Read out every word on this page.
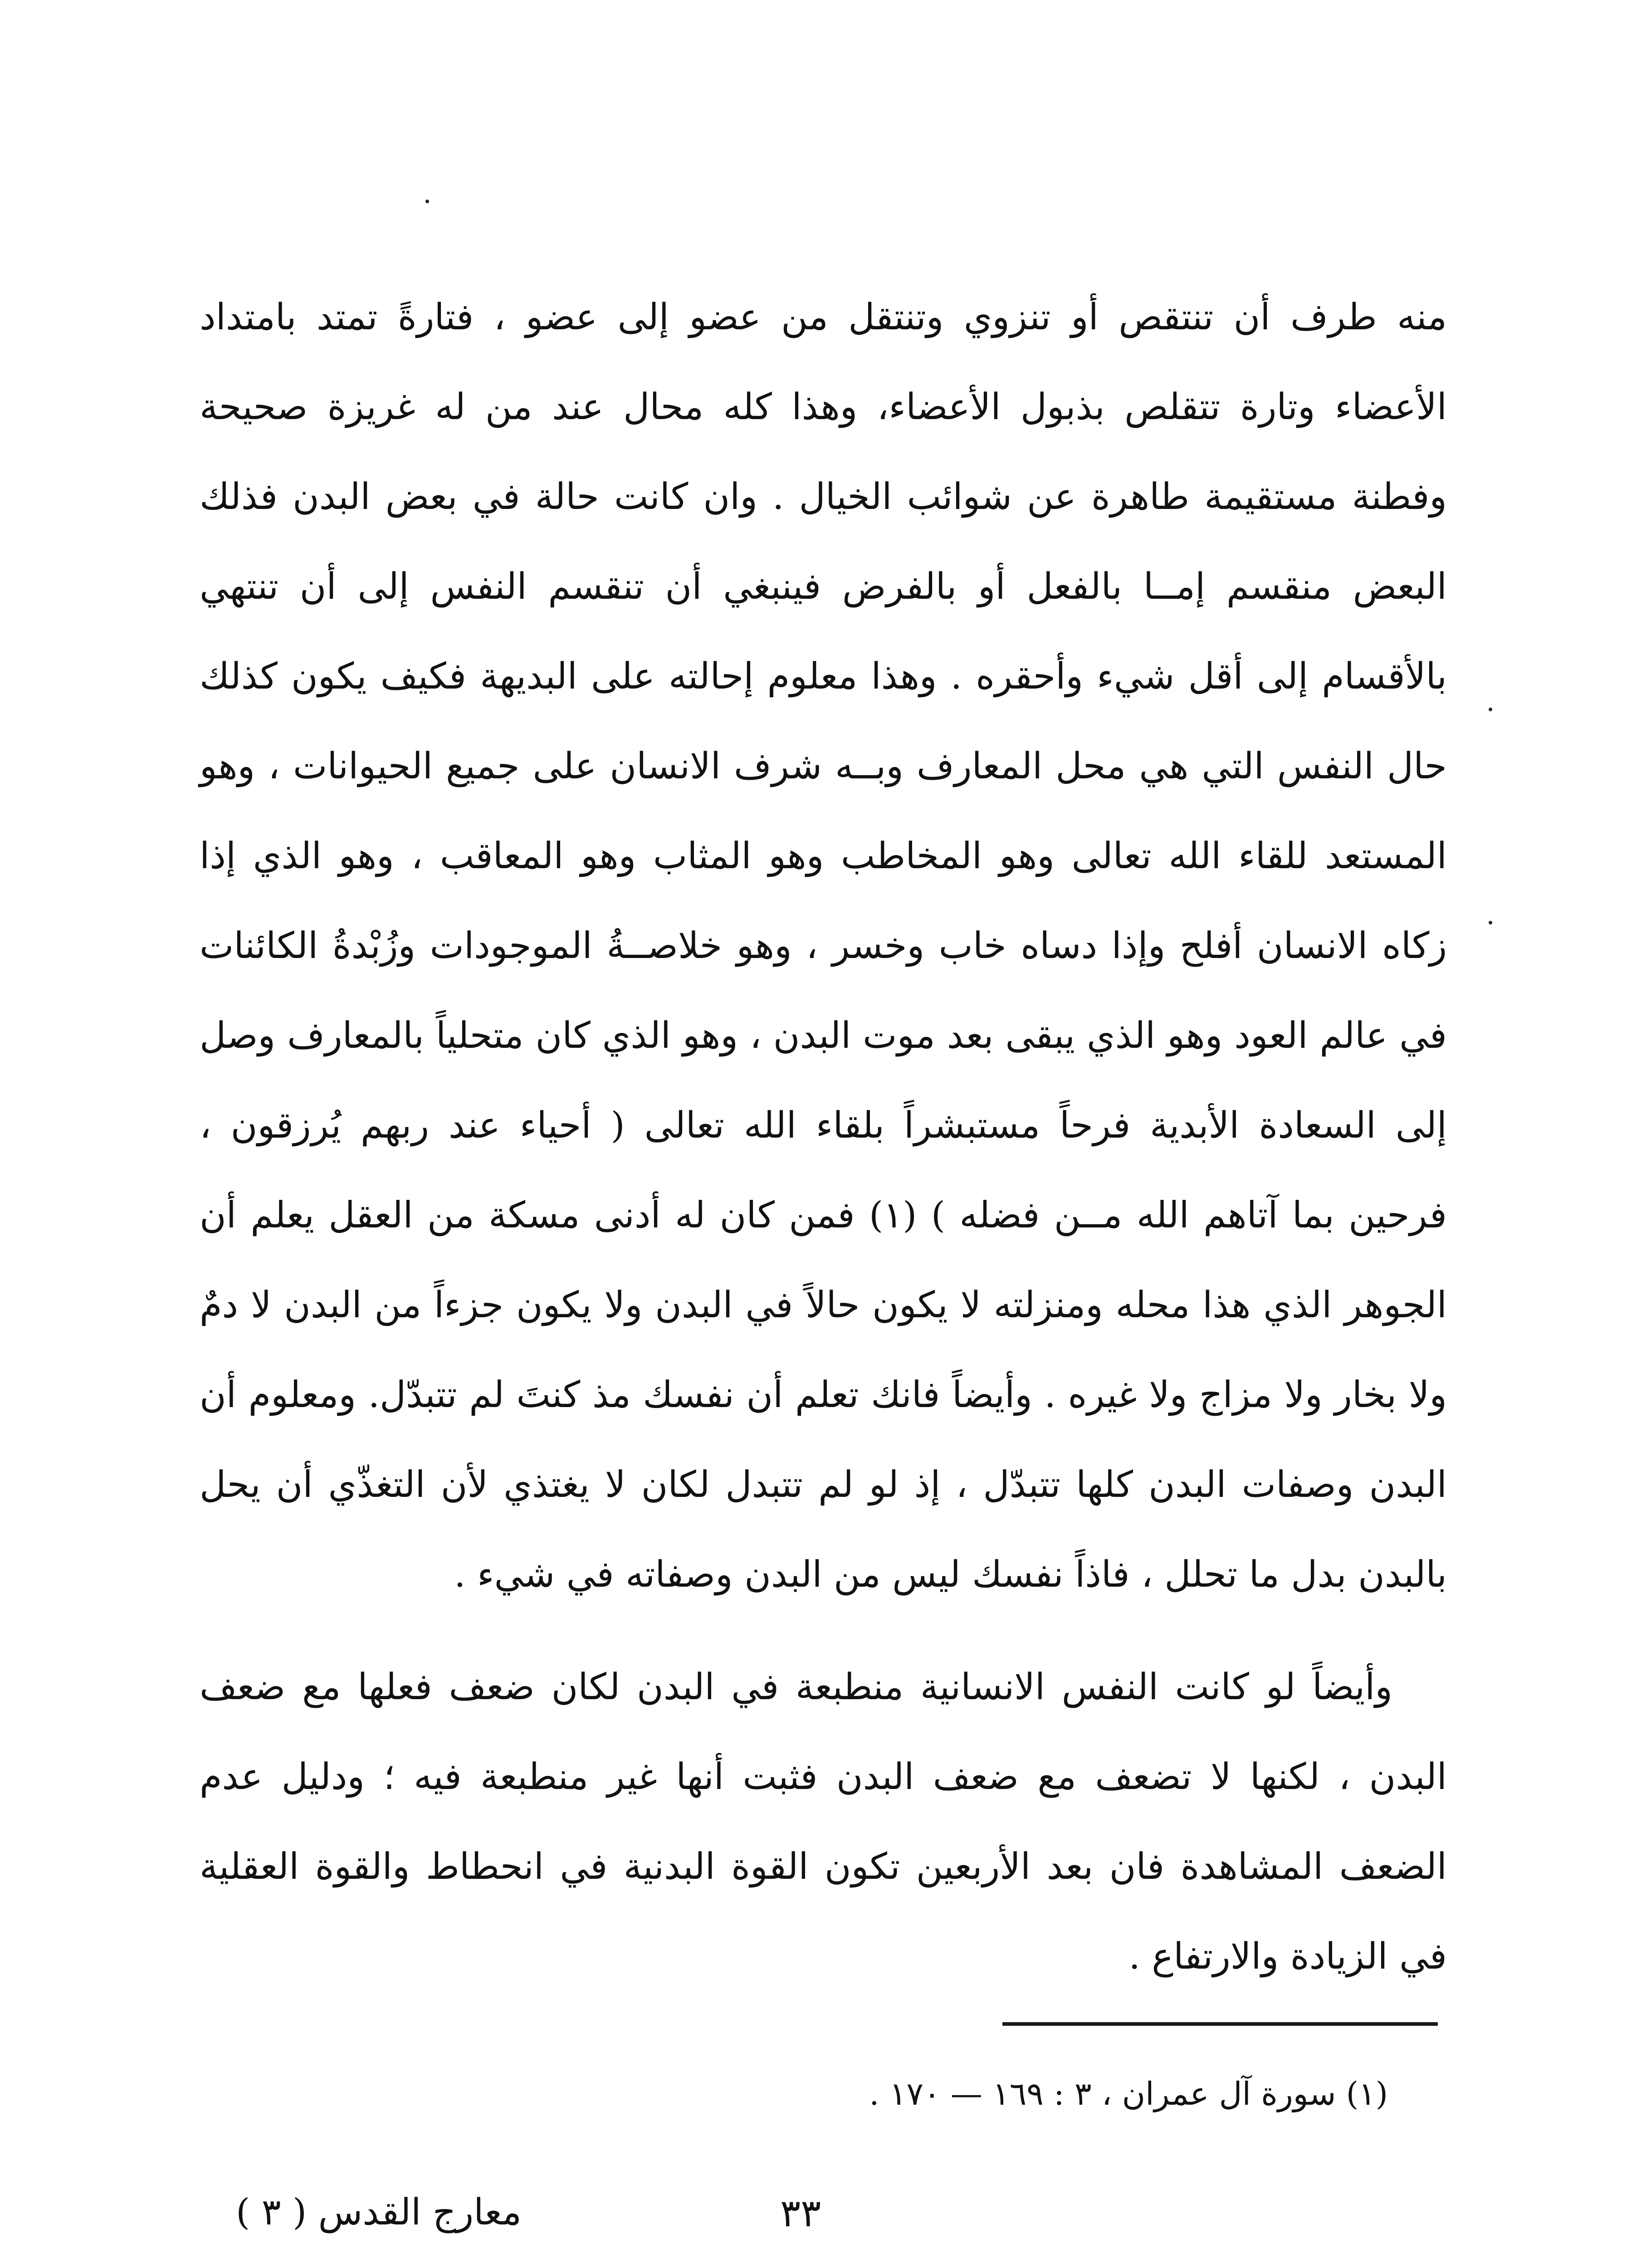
منه طرف أن تنتقص أو تنزوي وتنتقل من عضو إلى عضو ، فتارةً تمتد بامتداد الأعضاء وتارة تتقلص بذبول الأعضاء، وهذا كله محال عند من له غريزة صحيحة وفطنة مستقيمة طاهرة عن شوائب الخيال . وان كانت حالة في بعض البدن فذلك البعض منقسم إمــا بالفعل أو بالفرض فينبغي أن تنقسم النفس إلى أن تنتهي بالأقسام إلى أقل شيء وأحقره . وهذا معلوم إحالته على البديهة فكيف يكون كذلك حال النفس التي هي محل المعارف وبــه شرف الانسان على جميع الحيوانات ، وهو المستعد للقاء الله تعالى وهو المخاطب وهو المثاب وهو المعاقب ، وهو الذي إذا زكاه الانسان أفلح وإذا دساه خاب وخسر ، وهو خلاصــةُ الموجودات وزُبْدةُ الكائنات في عالم العود وهو الذي يبقى بعد موت البدن ، وهو الذي كان متحلياً بالمعارف وصل إلى السعادة الأبدية فرحاً مستبشراً بلقاء الله تعالى ( أحياء عند ربهم يُرزقون ، فرحين بما آتاهم الله مــن فضله ) (١) فمن كان له أدنى مسكة من العقل يعلم أن الجوهر الذي هذا محله ومنزلته لا يكون حالاً في البدن ولا يكون جزءاً من البدن لا دمٌ ولا بخار ولا مزاج ولا غيره . وأيضاً فانك تعلم أن نفسك مذ كنتَ لم تتبدّل. ومعلوم أن البدن وصفات البدن كلها تتبدّل ، إذ لو لم تتبدل لكان لا يغتذي لأن التغذّي أن يحل بالبدن بدل ما تحلل ، فاذاً نفسك ليس من البدن وصفاته في شيء .

وأيضاً لو كانت النفس الانسانية منطبعة في البدن لكان ضعف فعلها مع ضعف البدن ، لكنها لا تضعف مع ضعف البدن فثبت أنها غير منطبعة فيه ؛ ودليل عدم الضعف المشاهدة فان بعد الأربعين تكون القوة البدنية في انحطاط والقوة العقلية في الزيادة والارتفاع .

(١) سورة آل عمران ، ٣ : ١٦٩ — ١٧٠ .
معارج القدس ( ٣ )	٣٣
